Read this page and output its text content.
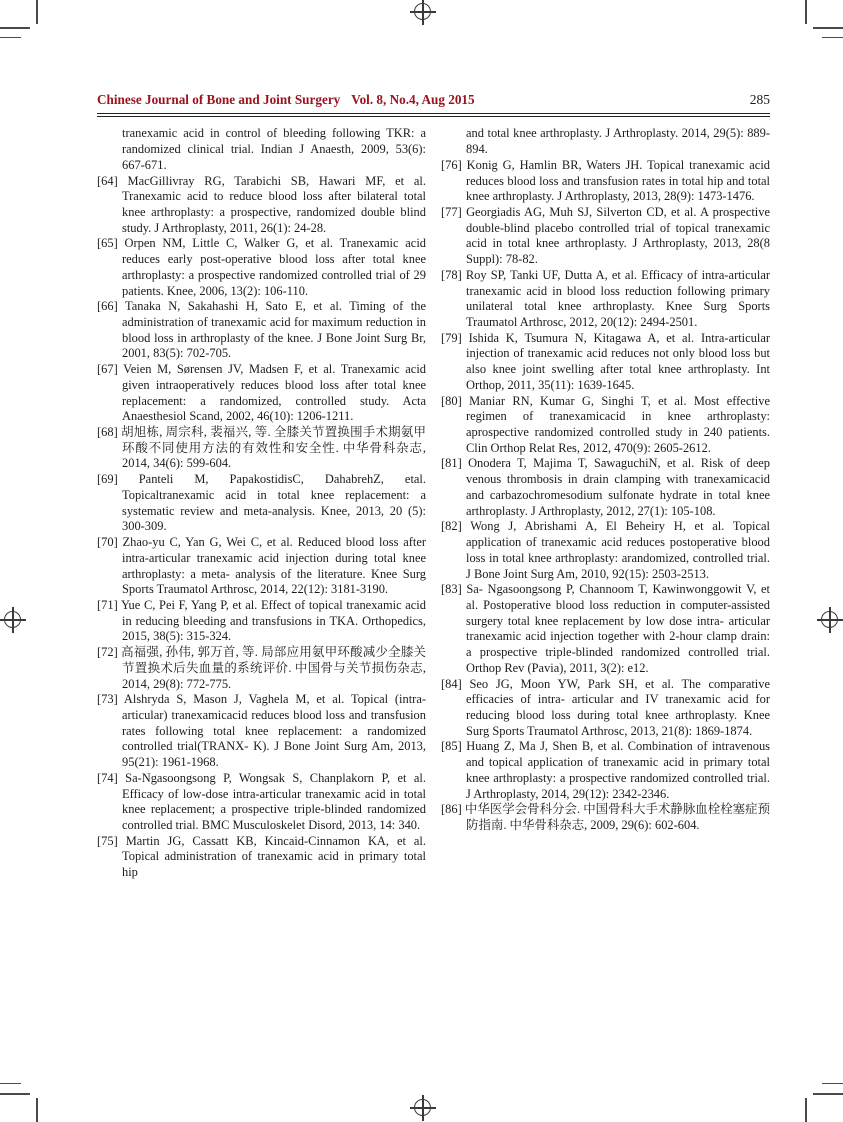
Chinese Journal of Bone and Joint Surgery Vol. 8, No.4, Aug 2015	285

tranexamic acid in control of bleeding following TKR: a randomized clinical trial. Indian J Anaesth, 2009, 53(6): 667-671.

[64] MacGillivray RG, Tarabichi SB, Hawari MF, et al. Tranexamic acid to reduce blood loss after bilateral total knee arthroplasty: a prospective, randomized double blind study. J Arthroplasty, 2011, 26(1): 24-28.

[65] Orpen NM, Little C, Walker G, et al. Tranexamic acid reduces early post-operative blood loss after total knee arthroplasty: a prospective randomized controlled trial of 29 patients. Knee, 2006, 13(2): 106-110.

[66] Tanaka N, Sakahashi H, Sato E, et al. Timing of the administration of tranexamic acid for maximum reduction in blood loss in arthroplasty of the knee. J Bone Joint Surg Br, 2001, 83(5): 702-705.

[67] Veien M, Sørensen JV, Madsen F, et al. Tranexamic acid given intraoperatively reduces blood loss after total knee replacement: a randomized, controlled study. Acta Anaesthesiol Scand, 2002, 46(10): 1206-1211.

[68] 胡旭栋, 周宗科, 裴福兴, 等. 全膝关节置换围手术期氨甲环酸不同使用方法的有效性和安全性. 中华骨科杂志, 2014, 34(6): 599-604.

[69] Panteli M, PapakostidisC, DahabrehZ, etal. Topicaltranexamic acid in total knee replacement: a systematic review and meta-analysis. Knee, 2013, 20 (5): 300-309.

[70] Zhao-yu C, Yan G, Wei C, et al. Reduced blood loss after intra-articular tranexamic acid injection during total knee arthroplasty: a meta- analysis of the literature. Knee Surg Sports Traumatol Arthrosc, 2014, 22(12): 3181-3190.

[71] Yue C, Pei F, Yang P, et al. Effect of topical tranexamic acid in reducing bleeding and transfusions in TKA. Orthopedics, 2015, 38(5): 315-324.

[72] 高福强, 孙伟, 郭万首, 等. 局部应用氨甲环酸减少全膝关节置换术后失血量的系统评价. 中国骨与关节损伤杂志, 2014, 29(8): 772-775.

[73] Alshryda S, Mason J, Vaghela M, et al. Topical (intra-articular) tranexamicacid reduces blood loss and transfusion rates following total knee replacement: a randomized controlled trial(TRANX- K). J Bone Joint Surg Am, 2013, 95(21): 1961-1968.

[74] Sa-Ngasoongsong P, Wongsak S, Chanplakorn P, et al. Efficacy of low-dose intra-articular tranexamic acid in total knee replacement; a prospective triple-blinded randomized controlled trial. BMC Musculoskelet Disord, 2013, 14: 340.

[75] Martin JG, Cassatt KB, Kincaid-Cinnamon KA, et al. Topical administration of tranexamic acid in primary total hip

and total knee arthroplasty. J Arthroplasty. 2014, 29(5): 889-894.

[76] Konig G, Hamlin BR, Waters JH. Topical tranexamic acid reduces blood loss and transfusion rates in total hip and total knee arthroplasty. J Arthroplasty, 2013, 28(9): 1473-1476.

[77] Georgiadis AG, Muh SJ, Silverton CD, et al. A prospective double-blind placebo controlled trial of topical tranexamic acid in total knee arthroplasty. J Arthroplasty, 2013, 28(8 Suppl): 78-82.

[78] Roy SP, Tanki UF, Dutta A, et al. Efficacy of intra-articular tranexamic acid in blood loss reduction following primary unilateral total knee arthroplasty. Knee Surg Sports Traumatol Arthrosc, 2012, 20(12): 2494-2501.

[79] Ishida K, Tsumura N, Kitagawa A, et al. Intra-articular injection of tranexamic acid reduces not only blood loss but also knee joint swelling after total knee arthroplasty. Int Orthop, 2011, 35(11): 1639-1645.

[80] Maniar RN, Kumar G, Singhi T, et al. Most effective regimen of tranexamicacid in knee arthroplasty: aprospective randomized controlled study in 240 patients. Clin Orthop Relat Res, 2012, 470(9): 2605-2612.

[81] Onodera T, Majima T, SawaguchiN, et al. Risk of deep venous thrombosis in drain clamping with tranexamicacid and carbazochromesodium sulfonate hydrate in total knee arthroplasty. J Arthroplasty, 2012, 27(1): 105-108.

[82] Wong J, Abrishami A, El Beheiry H, et al. Topical application of tranexamic acid reduces postoperative blood loss in total knee arthroplasty: arandomized, controlled trial. J Bone Joint Surg Am, 2010, 92(15): 2503-2513.

[83] Sa- Ngasoongsong P, Channoom T, Kawinwonggowit V, et al. Postoperative blood loss reduction in computer-assisted surgery total knee replacement by low dose intra- articular tranexamic acid injection together with 2-hour clamp drain: a prospective triple-blinded randomized controlled trial. Orthop Rev (Pavia), 2011, 3(2): e12.

[84] Seo JG, Moon YW, Park SH, et al. The comparative efficacies of intra- articular and IV tranexamic acid for reducing blood loss during total knee arthroplasty. Knee Surg Sports Traumatol Arthrosc, 2013, 21(8): 1869-1874.

[85] Huang Z, Ma J, Shen B, et al. Combination of intravenous and topical application of tranexamic acid in primary total knee arthroplasty: a prospective randomized controlled trial. J Arthroplasty, 2014, 29(12): 2342-2346.

[86] 中华医学会骨科分会. 中国骨科大手术静脉血栓栓塞症预防指南. 中华骨科杂志, 2009, 29(6): 602-604.
